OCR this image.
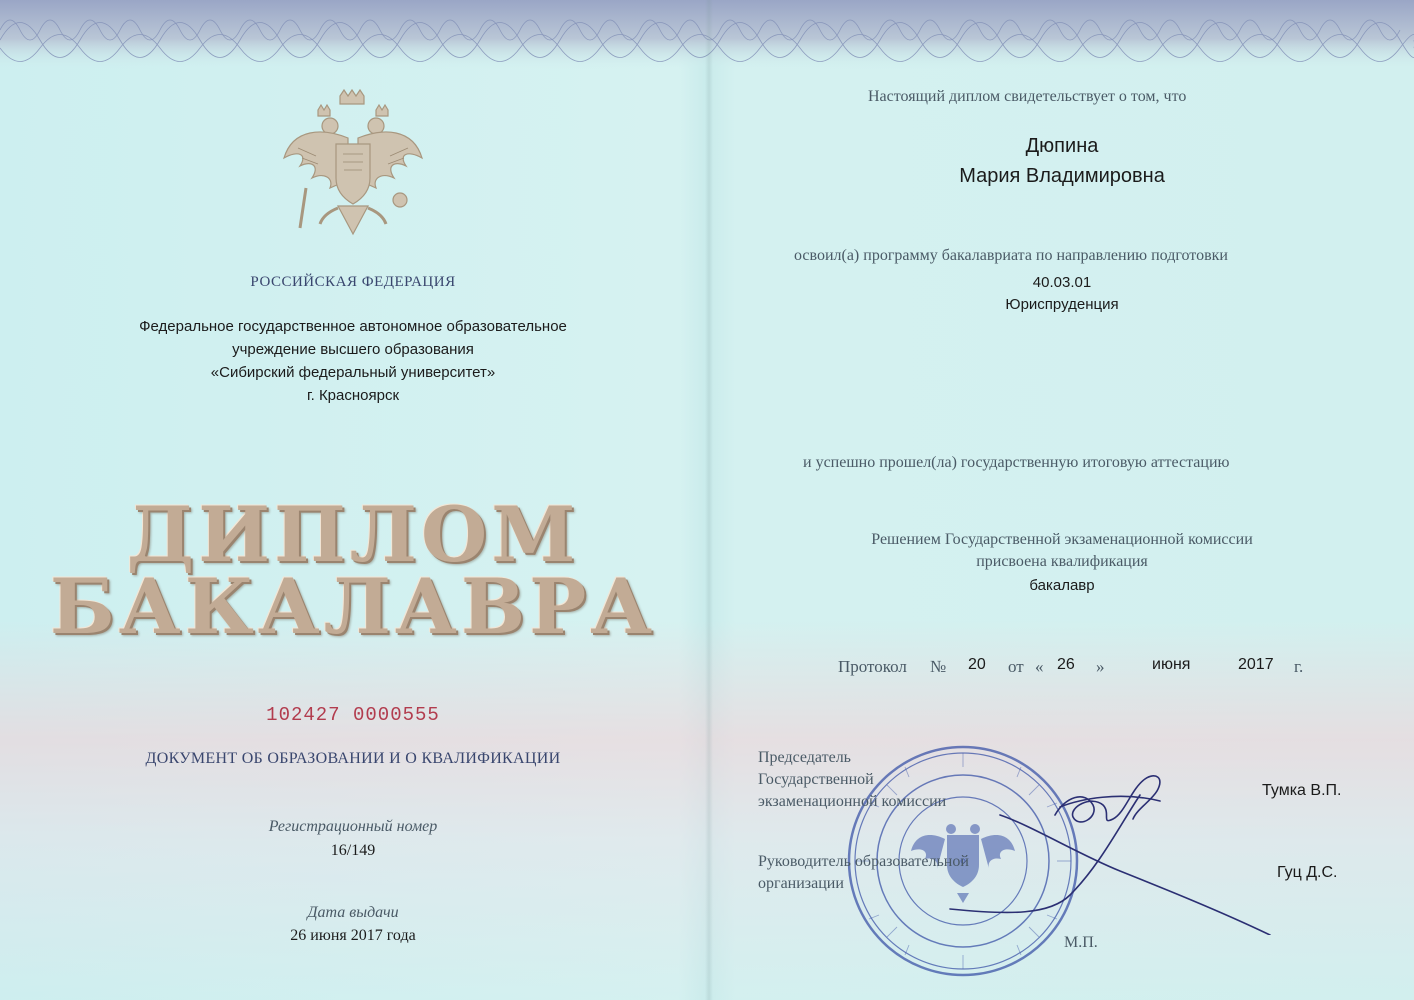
РОССИЙСКАЯ ФЕДЕРАЦИЯ
Федеральное государственное автономное образовательное
учреждение высшего образования
«Сибирский федеральный университет»
г. Красноярск
ДИПЛОМ
БАКАЛАВРА
102427 0000555
ДОКУМЕНТ ОБ ОБРАЗОВАНИИ И О КВАЛИФИКАЦИИ
Регистрационный номер
16/149
Дата выдачи
26 июня 2017 года
Настоящий диплом свидетельствует о том, что
Дюпина
Мария Владимировна
освоил(а) программу бакалавриата по направлению подготовки
40.03.01
Юриспруденция
и успешно прошел(ла) государственную итоговую аттестацию
Решением Государственной экзаменационной комиссии
присвоена квалификация
бакалавр
Протокол № 20 от « 26 »	июня	2017 г.
Председатель
Государственной
экзаменационной комиссии
Тумка В.П.
Руководитель образовательной
организации
Гуц Д.С.
М.П.
